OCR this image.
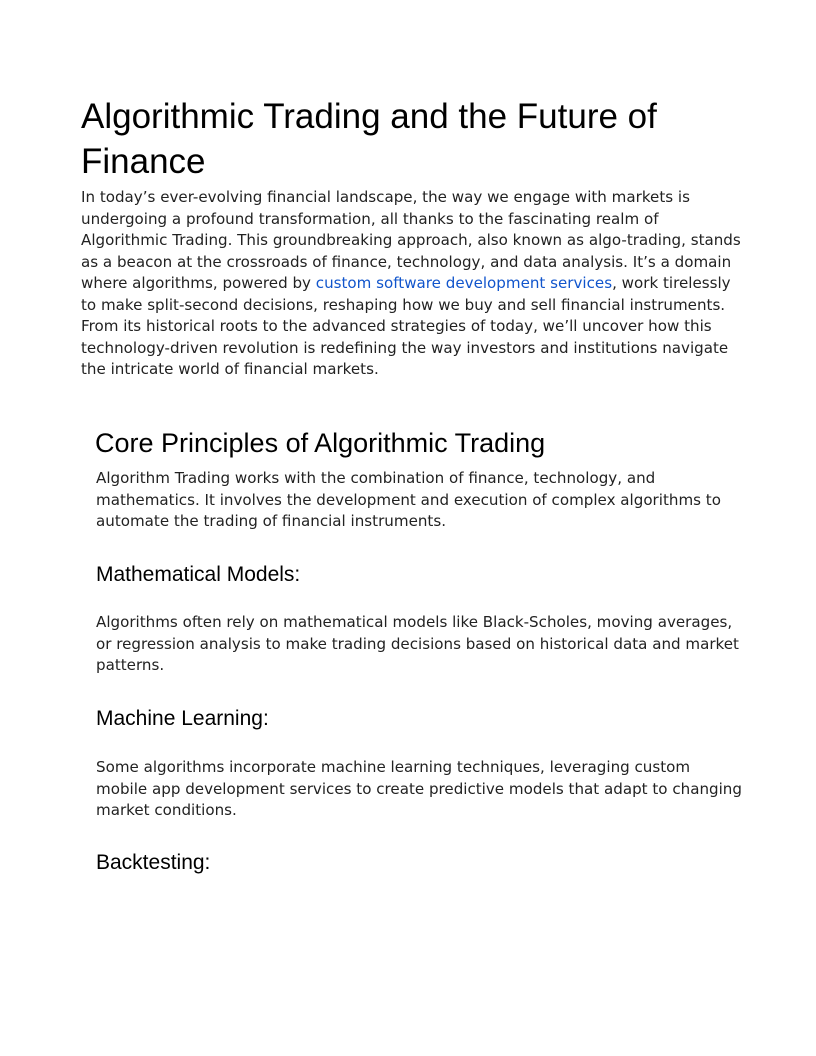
Algorithmic Trading and the Future of Finance

In today’s ever-evolving financial landscape, the way we engage with markets is undergoing a profound transformation, all thanks to the fascinating realm of Algorithmic Trading. This groundbreaking approach, also known as algo-trading, stands as a beacon at the crossroads of finance, technology, and data analysis. It’s a domain where algorithms, powered by custom software development services, work tirelessly to make split-second decisions, reshaping how we buy and sell financial instruments.

From its historical roots to the advanced strategies of today, we’ll uncover how this technology-driven revolution is redefining the way investors and institutions navigate the intricate world of financial markets.

Core Principles of Algorithmic Trading
Algorithm Trading works with the combination of finance, technology, and mathematics. It involves the development and execution of complex algorithms to automate the trading of financial instruments.
Mathematical Models:
Algorithms often rely on mathematical models like Black-Scholes, moving averages, or regression analysis to make trading decisions based on historical data and market patterns.
Machine Learning:
Some algorithms incorporate machine learning techniques, leveraging custom mobile app development services to create predictive models that adapt to changing market conditions.
Backtesting:
